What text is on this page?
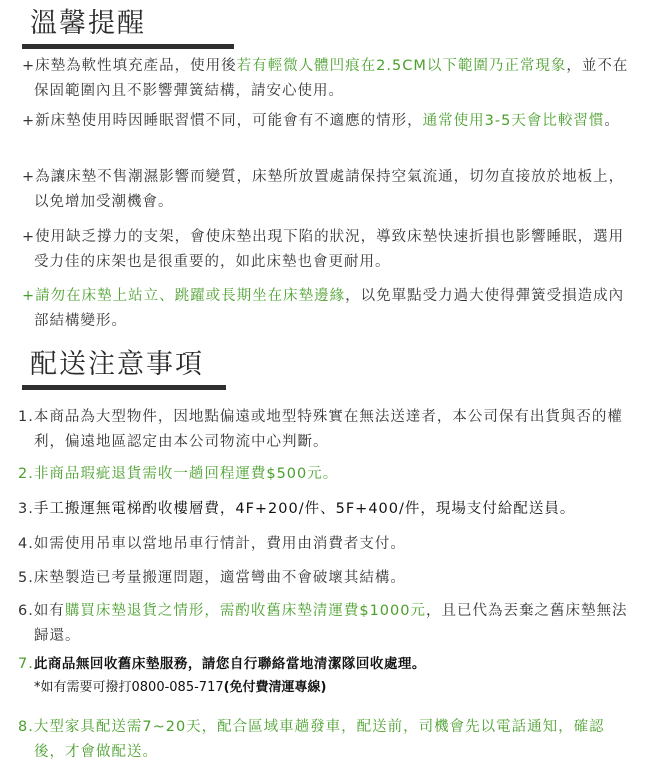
溫馨提醒

+床墊為軟性填充產品，使用後若有輕微人體凹痕在2.5CM以下範圍乃正常現象，並不在保固範圍內且不影響彈簧結構，請安心使用。

+新床墊使用時因睡眠習慣不同，可能會有不適應的情形，通常使用3-5天會比較習慣。

+為讓床墊不售潮濕影響而變質，床墊所放置處請保持空氣流通，切勿直接放於地板上，以免增加受潮機會。

+使用缺乏撐力的支架，會使床墊出現下陷的狀況，導致床墊快速折損也影響睡眠，選用受力佳的床架也是很重要的，如此床墊也會更耐用。

+請勿在床墊上站立、跳躍或長期坐在床墊邊緣，以免單點受力過大使得彈簧受損造成內部結構變形。

配送注意事項

1.本商品為大型物件，因地點偏遠或地型特殊實在無法送達者，本公司保有出貨與否的權利，偏遠地區認定由本公司物流中心判斷。

2.非商品瑕疵退貨需收一趟回程運費$500元。

3.手工搬運無電梯酌收樓層費，4F+200/件、5F+400/件，現場支付給配送員。

4.如需使用吊車以當地吊車行情計，費用由消費者支付。

5.床墊製造已考量搬運問題，適當彎曲不會破壞其結構。

6.如有購買床墊退貨之情形，需酌收舊床墊清運費$1000元，且已代為丟棄之舊床墊無法歸還。

7.此商品無回收舊床墊服務，請您自行聯絡當地清潔隊回收處理。
*如有需要可撥打0800-085-717(免付費清運專線)

8.大型家具配送需7~20天，配合區域車趟發車，配送前，司機會先以電話通知，確認後，才會做配送。
